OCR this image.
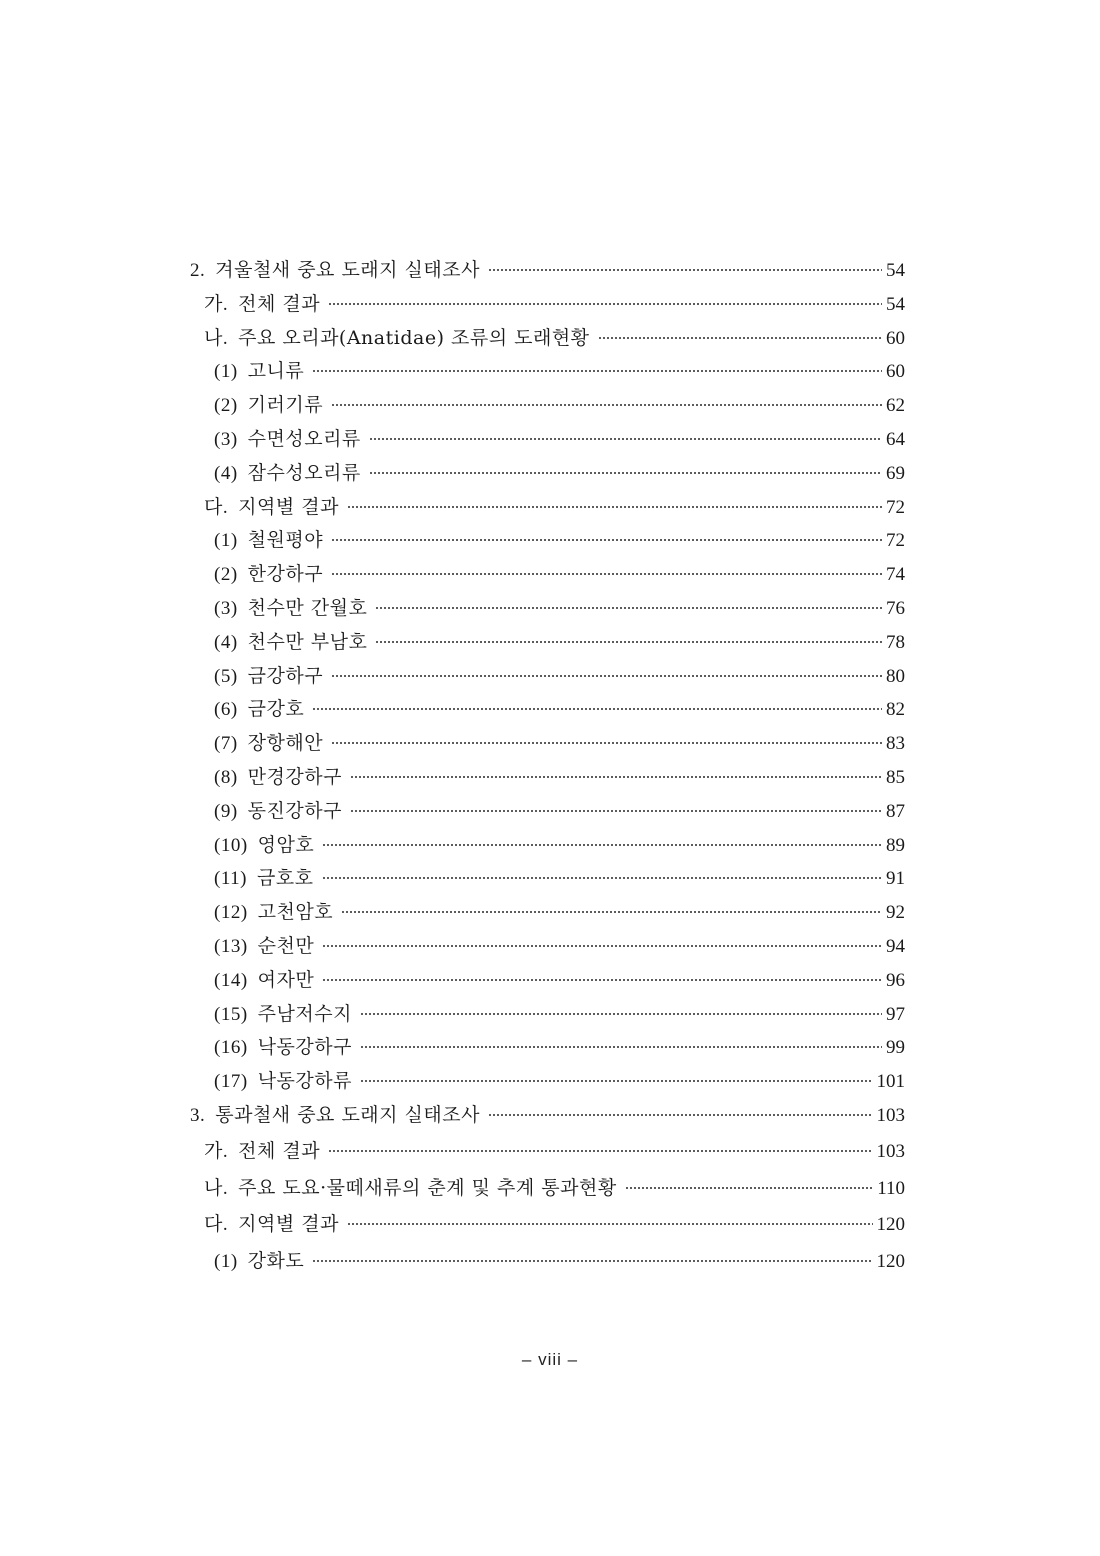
2. 겨울철새 중요 도래지 실태조사	54
가. 전체 결과	54
나. 주요 오리과(Anatidae) 조류의 도래현황	60
(1) 고니류	60
(2) 기러기류	62
(3) 수면성오리류	64
(4) 잠수성오리류	69
다. 지역별 결과	72
(1) 철원평야	72
(2) 한강하구	74
(3) 천수만 간월호	76
(4) 천수만 부남호	78
(5) 금강하구	80
(6) 금강호	82
(7) 장항해안	83
(8) 만경강하구	85
(9) 동진강하구	87
(10) 영암호	89
(11) 금호호	91
(12) 고천암호	92
(13) 순천만	94
(14) 여자만	96
(15) 주남저수지	97
(16) 낙동강하구	99
(17) 낙동강하류	101
3. 통과철새 중요 도래지 실태조사	103
가. 전체 결과	103
나. 주요 도요·물떼새류의 춘계 및 추계 통과현황	110
다. 지역별 결과	120
(1) 강화도	120
– viii –
